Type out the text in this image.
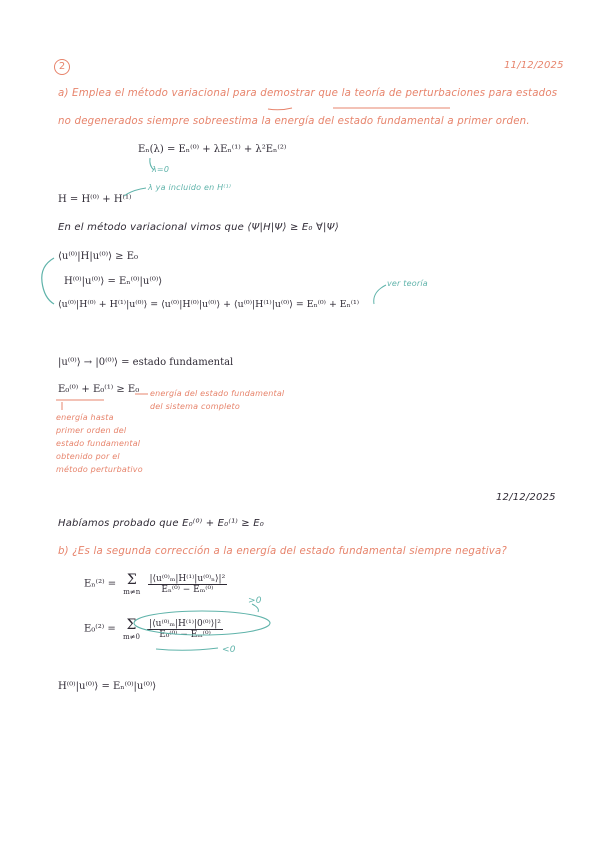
2	11/12/2025
a) Emplea el método variacional para demostrar que la teoría de perturbaciones para estados
no degenerados siempre sobreestima la energía del estado fundamental a primer orden.
Eₙ(λ) = Eₙ⁽⁰⁾ + λEₙ⁽¹⁾ + λ²Eₙ⁽²⁾
λ=0
H = H⁽⁰⁾ + H⁽¹⁾
λ ya incluido en H⁽¹⁾
En el método variacional vimos que ⟨Ψ|H|Ψ⟩ ≥ E₀ ∀|Ψ⟩
⟨u⁽⁰⁾|H|u⁽⁰⁾⟩ ≥ E₀
H⁽⁰⁾|u⁽⁰⁾⟩ = Eₙ⁽⁰⁾|u⁽⁰⁾⟩
⟨u⁽⁰⁾|H⁽⁰⁾ + H⁽¹⁾|u⁽⁰⁾⟩ = ⟨u⁽⁰⁾|H⁽⁰⁾|u⁽⁰⁾⟩ + ⟨u⁽⁰⁾|H⁽¹⁾|u⁽⁰⁾⟩ = Eₙ⁽⁰⁾ + Eₙ⁽¹⁾
ver teoría
|u⁽⁰⁾⟩ → |0⁽⁰⁾⟩ = estado fundamental
E₀⁽⁰⁾ + E₀⁽¹⁾ ≥ E₀ energía del estado fundamental
del sistema completo
energía hasta
primer orden del
estado fundamental
obtenido por el
método perturbativo
12/12/2025
Habíamos probado que E₀⁽⁰⁾ + E₀⁽¹⁾ ≥ E₀
b) ¿Es la segunda corrección a la energía del estado fundamental siempre negativa?
Eₙ⁽²⁾ = Σ
m≠n
$\frac{\text{|⟨u⁽⁰⁾ₘ|H⁽¹⁾|u⁽⁰⁾ₙ⟩|²}}{\text{Eₙ⁽⁰⁾ − Eₘ⁽⁰⁾}}$
E₀⁽²⁾ = Σ
m≠0
$\frac{\text{|⟨u⁽⁰⁾ₘ|H⁽¹⁾|0⁽⁰⁾⟩|²}}{\text{E₀⁽⁰⁾ − Eₘ⁽⁰⁾}}$
>0
<0
H⁽⁰⁾|u⁽⁰⁾⟩ = Eₙ⁽⁰⁾|u⁽⁰⁾⟩
